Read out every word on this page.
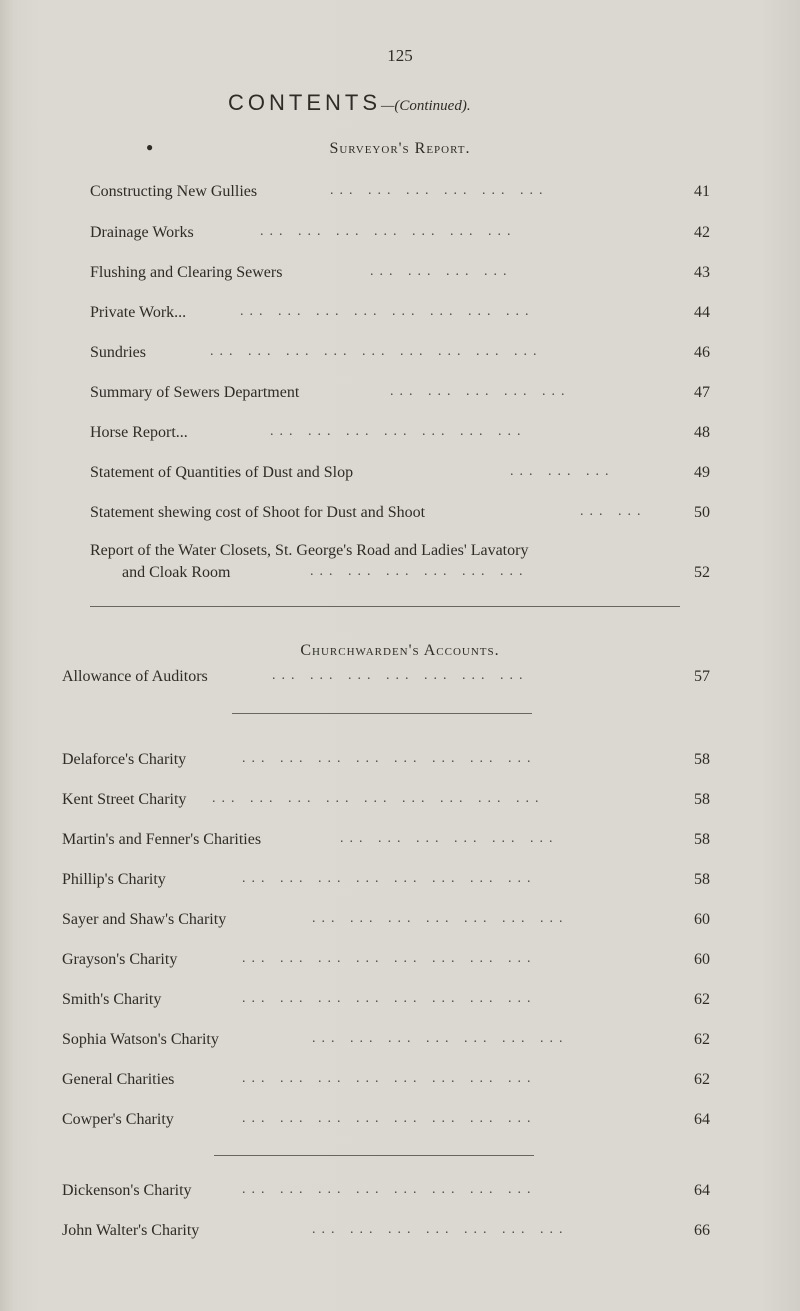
125
CONTENTS—(Continued).
●	Surveyor's Report.
Constructing New Gullies	... ... ... ... ... ...	41
Drainage Works	... ... ... ... ... ... ...	42
Flushing and Clearing Sewers	... ... ... ...	43
Private Work...	... ... ... ... ... ... ... ...	44
Sundries	... ... ... ... ... ... ... ... ...	46
Summary of Sewers Department	... ... ... ... ...	47
Horse Report...	... ... ... ... ... ... ...	48
Statement of Quantities of Dust and Slop	... ... ...	49
Statement shewing cost of Shoot for Dust and Shoot	... ...	50
Report of the Water Closets, St. George's Road and Ladies' Lavatory
and Cloak Room	... ... ... ... ... ...	52
Churchwarden's Accounts.
Allowance of Auditors	... ... ... ... ... ... ...	57
Delaforce's Charity	... ... ... ... ... ... ... ...	58
Kent Street Charity ... ... ... ... ... ... ... ... ...	58
Martin's and Fenner's Charities	... ... ... ... ... ...	58
Phillip's Charity	... ... ... ... ... ... ... ...	58
Sayer and Shaw's Charity	... ... ... ... ... ... ...	60
Grayson's Charity	... ... ... ... ... ... ... ...	60
Smith's Charity	... ... ... ... ... ... ... ...	62
Sophia Watson's Charity	... ... ... ... ... ... ...	62
General Charities	... ... ... ... ... ... ... ...	62
Cowper's Charity	... ... ... ... ... ... ... ...	64
Dickenson's Charity	... ... ... ... ... ... ... ...	64
John Walter's Charity	... ... ... ... ... ... ...	66
